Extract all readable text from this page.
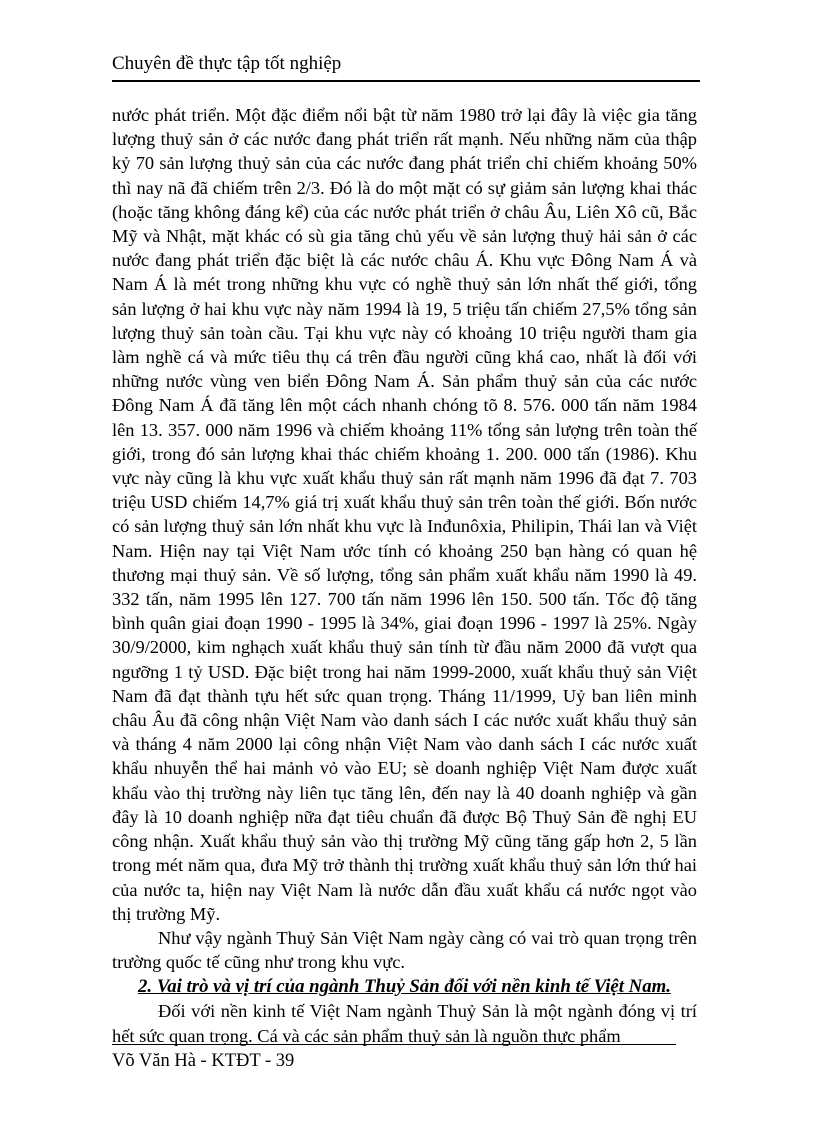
Chuyên đề thực tập tốt nghiệp

nước phát triển. Một đặc điểm nổi bật từ năm 1980 trở lại đây là việc gia tăng lượng thuỷ sản ở các nước đang phát triển rất mạnh. Nếu những năm của thập kỷ 70 sản lượng thuỷ sản của các nước đang phát triển chỉ chiếm khoảng 50% thì nay nã đã chiếm trên 2/3. Đó là do một mặt có sự giảm sản lượng khai thác (hoặc tăng không đáng kể) của các nước phát triển ở châu Âu, Liên Xô cũ, Bắc Mỹ và Nhật, mặt khác có sù gia tăng chủ yếu về sản lượng thuỷ hải sản ở các nước đang phát triển đặc biệt là các nước châu Á. Khu vực Đông Nam Á và Nam Á là mét trong những khu vực có nghề thuỷ sản lớn nhất thế giới, tổng sản lượng ở hai khu vực này năm 1994 là 19, 5 triệu tấn chiếm 27,5% tổng sản lượng thuỷ sản toàn cầu. Tại khu vực này có khoảng 10 triệu người tham gia làm nghề cá và mức tiêu thụ cá trên đầu người cũng khá cao, nhất là đối với những nước vùng ven biển Đông Nam Á. Sản phẩm thuỷ sản của các nước Đông Nam Á đã tăng lên một cách nhanh chóng tõ 8. 576. 000 tấn năm 1984 lên 13. 357. 000 năm 1996 và chiếm khoảng 11% tổng sản lượng trên toàn thế giới, trong đó sản lượng khai thác chiếm khoảng 1. 200. 000 tấn (1986). Khu vực này cũng là khu vực xuất khẩu thuỷ sản rất mạnh năm 1996 đã đạt 7. 703 triệu USD chiếm 14,7% giá trị xuất khẩu thuỷ sản trên toàn thế giới. Bốn nước có sản lượng thuỷ sản lớn nhất khu vực là Inđunôxia, Philipin, Thái lan và Việt Nam. Hiện nay tại Việt Nam ước tính có khoảng 250 bạn hàng có quan hệ thương mại thuỷ sản. Về số lượng, tổng sản phẩm xuất khẩu năm 1990 là 49. 332 tấn, năm 1995 lên 127. 700 tấn năm 1996 lên 150. 500 tấn. Tốc độ tăng bình quân giai đoạn 1990 - 1995 là 34%, giai đoạn 1996 - 1997 là 25%. Ngày 30/9/2000, kim nghạch xuất khẩu thuỷ sản tính từ đầu năm 2000 đã vượt qua ngưỡng 1 tỷ USD. Đặc biệt trong hai năm 1999-2000, xuất khẩu thuỷ sản Việt Nam đã đạt thành tựu hết sức quan trọng. Tháng 11/1999, Uỷ ban liên minh châu Âu đã công nhận Việt Nam vào danh sách I các nước xuất khẩu thuỷ sản và tháng 4 năm 2000 lại công nhận Việt Nam vào danh sách I các nước xuất khẩu nhuyễn thể hai mảnh vỏ vào EU; sè doanh nghiệp Việt Nam được xuất khẩu vào thị trường này liên tục tăng lên, đến nay là 40 doanh nghiệp và gần đây là 10 doanh nghiệp nữa đạt tiêu chuẩn đã được Bộ Thuỷ Sản đề nghị EU công nhận. Xuất khẩu thuỷ sản vào thị trường Mỹ cũng tăng gấp hơn 2, 5 lần trong mét năm qua, đưa Mỹ trở thành thị trường xuất khẩu thuỷ sản lớn thứ hai của nước ta, hiện nay Việt Nam là nước dẫn đầu xuất khẩu cá nước ngọt vào thị trường Mỹ.

Như vậy ngành Thuỷ Sản Việt Nam ngày càng có vai trò quan trọng trên trường quốc tế cũng như trong khu vực.

2. Vai trò và vị trí của ngành Thuỷ Sản đối với nền kinh tế Việt Nam.

Đối với nền kinh tế Việt Nam ngành Thuỷ Sản là một ngành đóng vị trí hết sức quan trọng. Cá và các sản phẩm thuỷ sản là nguồn thực phẩm

Võ Văn Hà - KTĐT - 39
